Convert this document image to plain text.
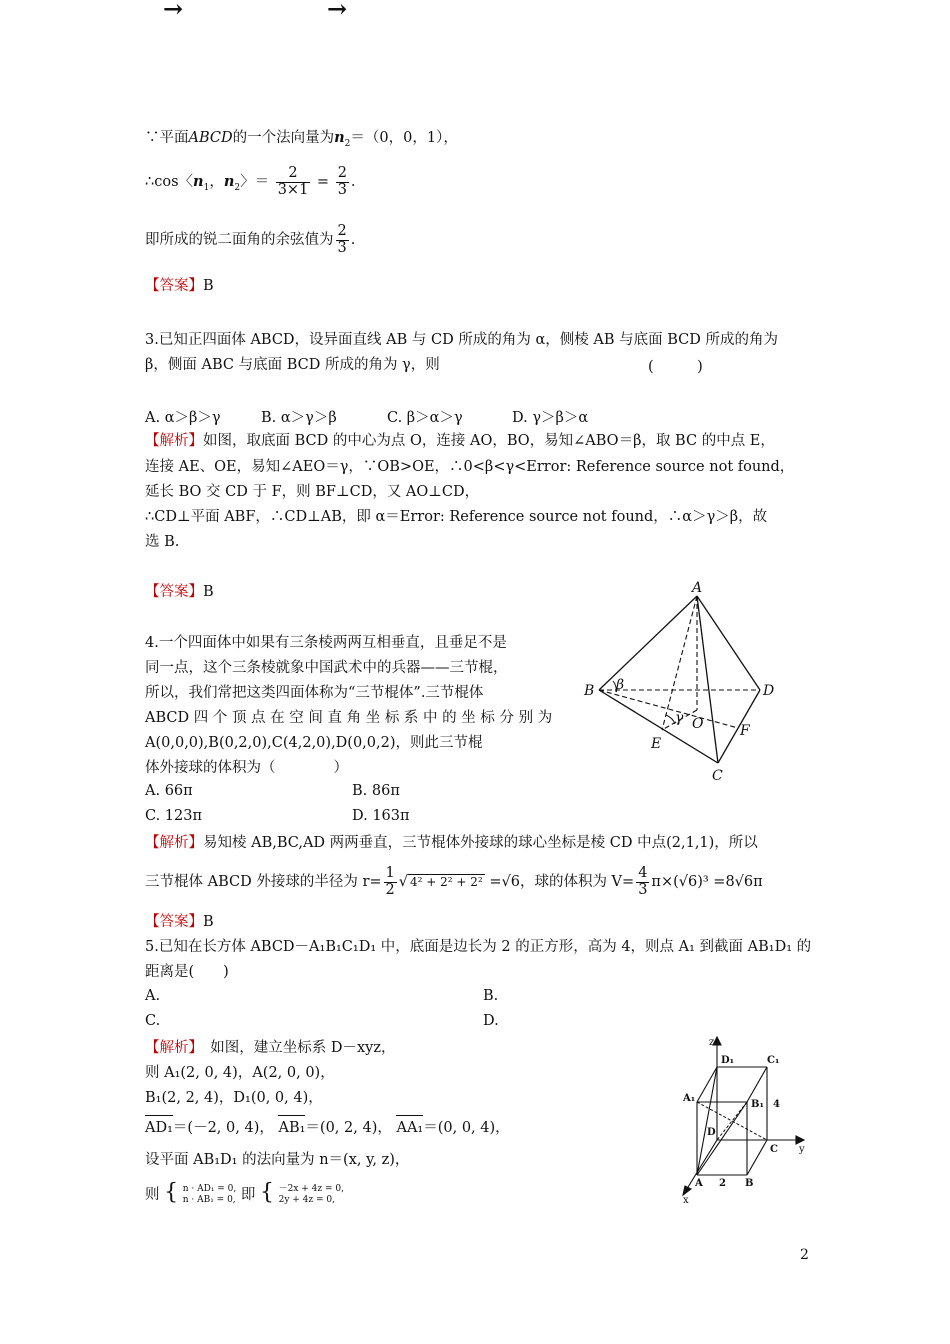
→	→
∵平面ABCD的一个法向量为$n_2=(0$，0，1），
∴cos〈$n_1$，$n_2$〉＝ $\frac{2}{3\times 1} = \frac{2}{3}$ .
即所成的锐二面角的余弦值为 $\frac{2}{3}$ .
【答案】B
3.已知正四面体 ABCD，设异面直线 AB 与 CD 所成的角为 α，侧棱 AB 与底面 BCD 所成的角为
β，侧面 ABC 与底面 BCD 所成的角为 γ，则	(　　　)
A. α＞β＞γ	B. α＞γ＞β	C. β＞α＞γ	D. γ＞β＞α
【解析】如图，取底面 BCD 的中心为点 O，连接 AO，BO，易知∠ABO＝β，取 BC 的中点 E，
连接 AE、OE，易知∠AEO＝γ，∵OB>OE，∴0<β<γ<Error: Reference source not found，
延长 BO 交 CD 于 F，则 BF⊥CD，又 AO⊥CD，
∴CD⊥平面 ABF，∴CD⊥AB，即 α＝Error: Reference source not found，∴α＞γ＞β，故
选 B.
【答案】B
4.一个四面体中如果有三条棱两两互相垂直，且垂足不是
同一点，这个三条棱就象中国武术中的兵器——三节棍，
所以，我们常把这类四面体称为“三节棍体”.三节棍体
ABCD 四 个 顶 点 在 空 间 直 角 坐 标 系 中 的 坐 标 分 别 为
A(0,0,0),B(0,2,0),C(4,2,0),D(0,0,2)，则此三节棍
体外接球的体积为（　　　　）
A. 66π	B. 86π
C. 123π	D. 163π
【解析】易知棱 AB,BC,AD 两两垂直，三节棍体外接球的球心坐标是棱 CD 中点(2,1,1)，所以
三节棍体 ABCD 外接球的半径为 $r= \frac{1}{2}$ √ 4² + 2² + 2² =√6，球的体积为 $V= \frac{4}{3} \pi\times(√6)^3 =8√6\pi$
【答案】B
5.已知在长方体 ABCD－A₁B₁C₁D₁ 中，底面是边长为 2 的正方形，高为 4，则点 A₁ 到截面 AB₁D₁ 的
距离是(　　)
A.	B.
C.	D.
【解析】　如图，建立坐标系 D－xyz，
则 A₁(2, 0, 4)，A(2, 0, 0)，
B₁(2, 2, 4)，D₁(0, 0, 4)，
AD₁＝(－2, 0, 4)， AB₁＝(0, 2, 4)， AA₁＝(0, 0, 4)，
设平面 AB₁D₁ 的法向量为 n＝(x, y, z)，
则 { n · AD₁ = 0,
n · AB₁ = 0, 即 { －2x + 4z = 0,
2y + 4z = 0,
A
B	D
C
E
F
O
β
γ
z
y
x
D₁	C₁
A₁
B₁
D
C
A	B
4
2
2
